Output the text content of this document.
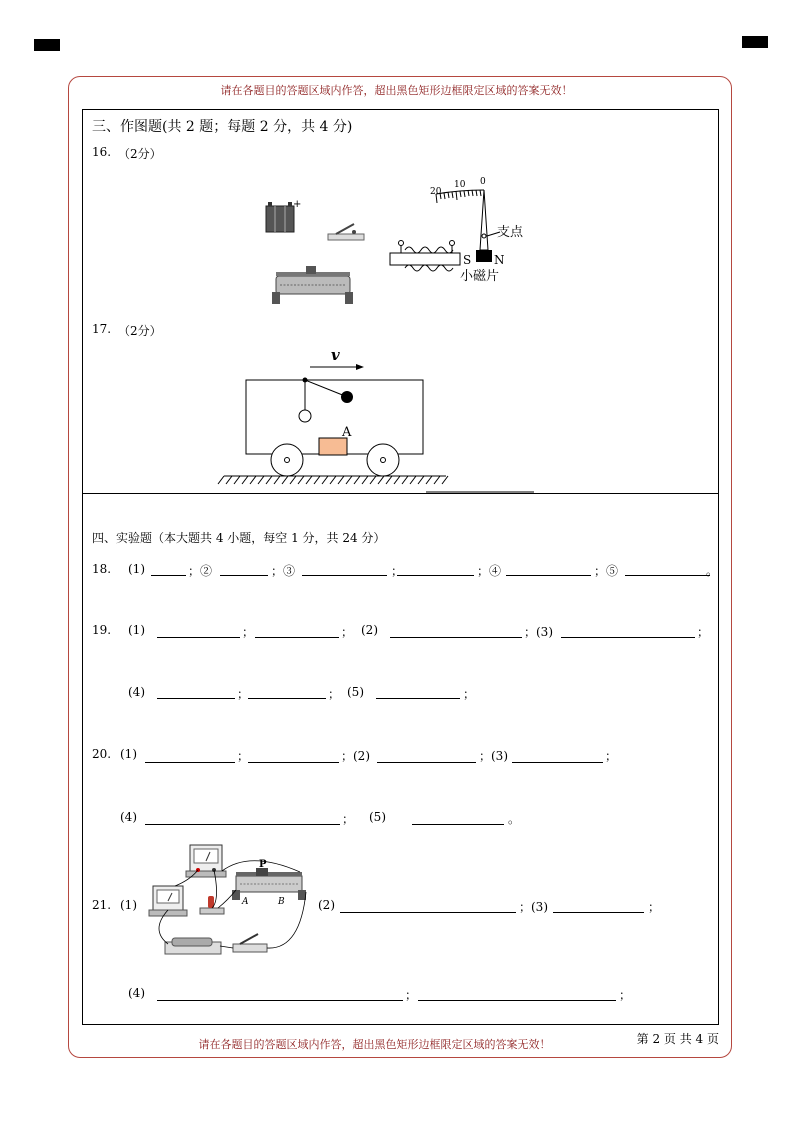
请在各题目的答题区域内作答，超出黑色矩形边框限定区域的答案无效！
三、作图题(共 2 题；每题 2 分，共 4 分)
16. （2分）
+
20
10 0
支点
S N
小磁片
17. （2分）
v
A
四、实验题（本大题共 4 小题，每空 1 分，共 24 分）
18. (1)	；②	；③	；	；④	；⑤	。
19. (1)	；	； (2)	；(3)	；
(4)	；	； (5)	；
20. (1)	；	；(2)	；(3)	；
(4)	； (5)	。
21. (1)
P
A	B	(2)	；(3)	；
(4)	；	；
请在各题目的答题区域内作答，超出黑色矩形边框限定区域的答案无效！	第 2 页 共 4 页
